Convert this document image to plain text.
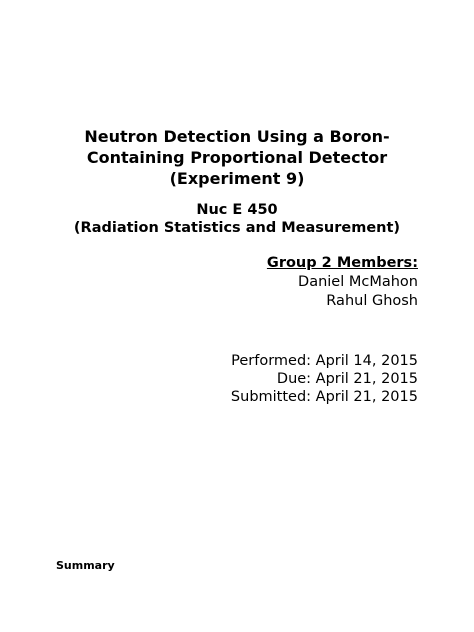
Neutron Detection Using a Boron-
Containing Proportional Detector
(Experiment 9)
Nuc E 450
(Radiation Statistics and Measurement)
Group 2 Members:
Daniel McMahon
Rahul Ghosh
Performed: April 14, 2015
Due: April 21, 2015
Submitted: April 21, 2015
Summary
